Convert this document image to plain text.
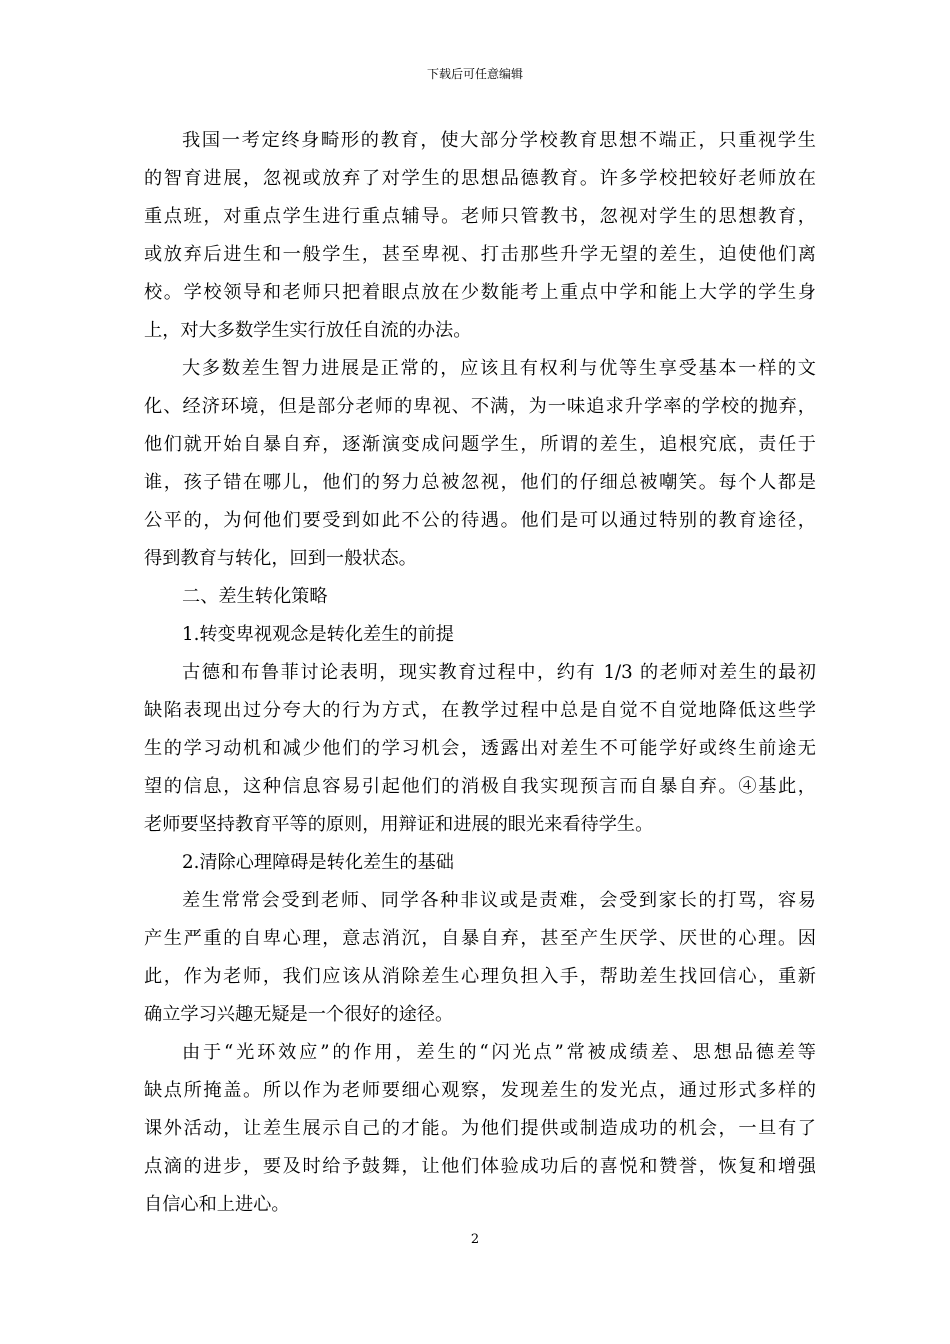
下载后可任意编辑
我国一考定终身畸形的教育，使大部分学校教育思想不端正，只重视学生
的智育进展，忽视或放弃了对学生的思想品德教育。许多学校把较好老师放在
重点班，对重点学生进行重点辅导。老师只管教书，忽视对学生的思想教育，
或放弃后进生和一般学生，甚至卑视、打击那些升学无望的差生，迫使他们离
校。学校领导和老师只把着眼点放在少数能考上重点中学和能上大学的学生身
上，对大多数学生实行放任自流的办法。
大多数差生智力进展是正常的，应该且有权利与优等生享受基本一样的文
化、经济环境，但是部分老师的卑视、不满，为一味追求升学率的学校的抛弃，
他们就开始自暴自弃，逐渐演变成问题学生，所谓的差生，追根究底，责任于
谁，孩子错在哪儿，他们的努力总被忽视，他们的仔细总被嘲笑。每个人都是
公平的，为何他们要受到如此不公的待遇。他们是可以通过特别的教育途径，
得到教育与转化，回到一般状态。
二、差生转化策略
1.转变卑视观念是转化差生的前提
古德和布鲁菲讨论表明，现实教育过程中，约有 1/3 的老师对差生的最初
缺陷表现出过分夸大的行为方式，在教学过程中总是自觉不自觉地降低这些学
生的学习动机和减少他们的学习机会，透露出对差生不可能学好或终生前途无
望的信息，这种信息容易引起他们的消极自我实现预言而自暴自弃。④基此，
老师要坚持教育平等的原则，用辩证和进展的眼光来看待学生。
2.清除心理障碍是转化差生的基础
差生常常会受到老师、同学各种非议或是责难，会受到家长的打骂，容易
产生严重的自卑心理，意志消沉，自暴自弃，甚至产生厌学、厌世的心理。因
此，作为老师，我们应该从消除差生心理负担入手，帮助差生找回信心，重新
确立学习兴趣无疑是一个很好的途径。
由于“光环效应”的作用，差生的“闪光点”常被成绩差、思想品德差等
缺点所掩盖。所以作为老师要细心观察，发现差生的发光点，通过形式多样的
课外活动，让差生展示自己的才能。为他们提供或制造成功的机会，一旦有了
点滴的进步，要及时给予鼓舞，让他们体验成功后的喜悦和赞誉，恢复和增强
自信心和上进心。
2
